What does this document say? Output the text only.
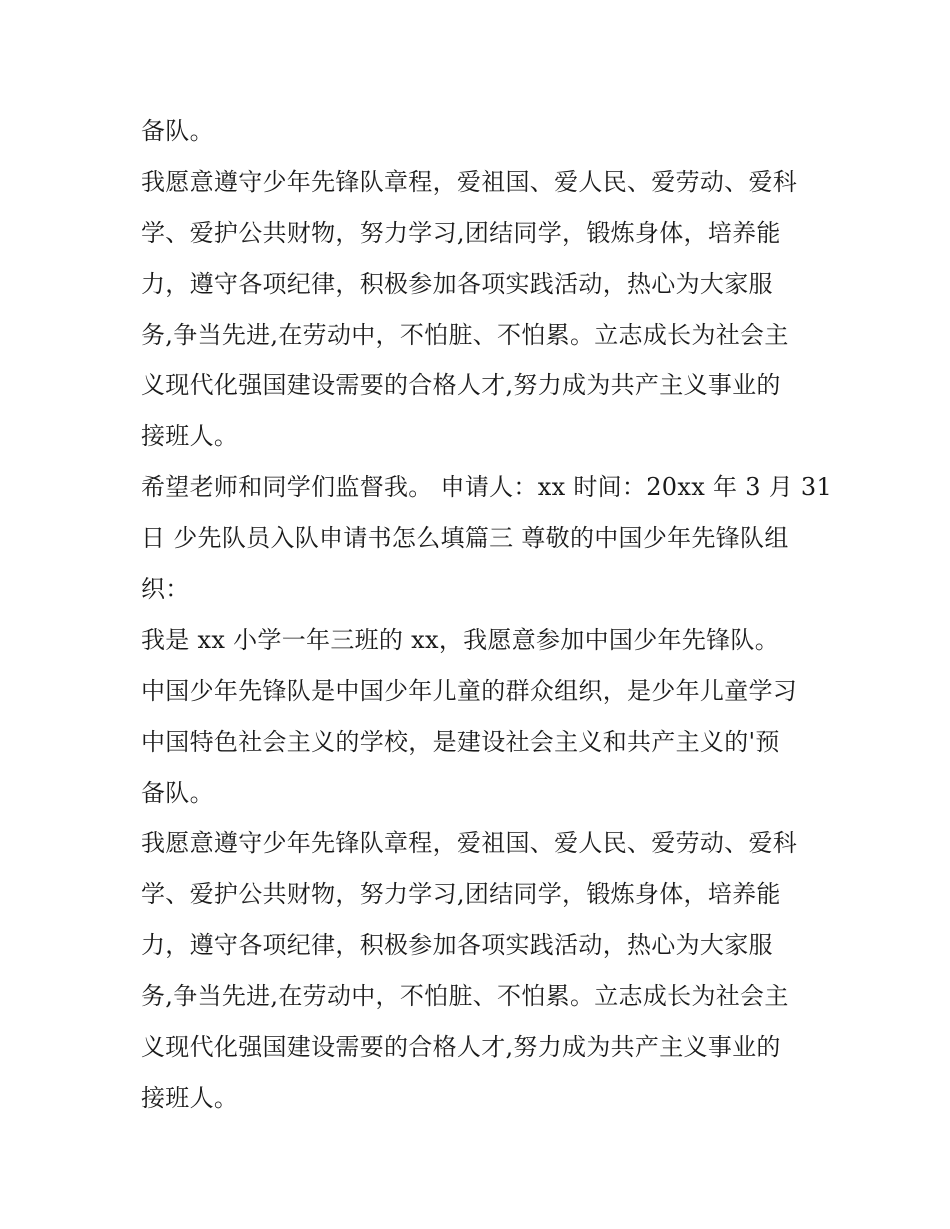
备队。
我愿意遵守少年先锋队章程，爱祖国、爱人民、爱劳动、爱科
学、爱护公共财物，努力学习,团结同学，锻炼身体，培养能
力，遵守各项纪律，积极参加各项实践活动，热心为大家服
务,争当先进,在劳动中，不怕脏、不怕累。立志成长为社会主
义现代化强国建设需要的合格人才,努力成为共产主义事业的
接班人。
希望老师和同学们监督我。 申请人：xx 时间：20xx 年 3 月 31
日 少先队员入队申请书怎么填篇三 尊敬的中国少年先锋队组
织：
我是 xx 小学一年三班的 xx，我愿意参加中国少年先锋队。
中国少年先锋队是中国少年儿童的群众组织，是少年儿童学习
中国特色社会主义的学校，是建设社会主义和共产主义的'预
备队。
我愿意遵守少年先锋队章程，爱祖国、爱人民、爱劳动、爱科
学、爱护公共财物，努力学习,团结同学，锻炼身体，培养能
力，遵守各项纪律，积极参加各项实践活动，热心为大家服
务,争当先进,在劳动中，不怕脏、不怕累。立志成长为社会主
义现代化强国建设需要的合格人才,努力成为共产主义事业的
接班人。
